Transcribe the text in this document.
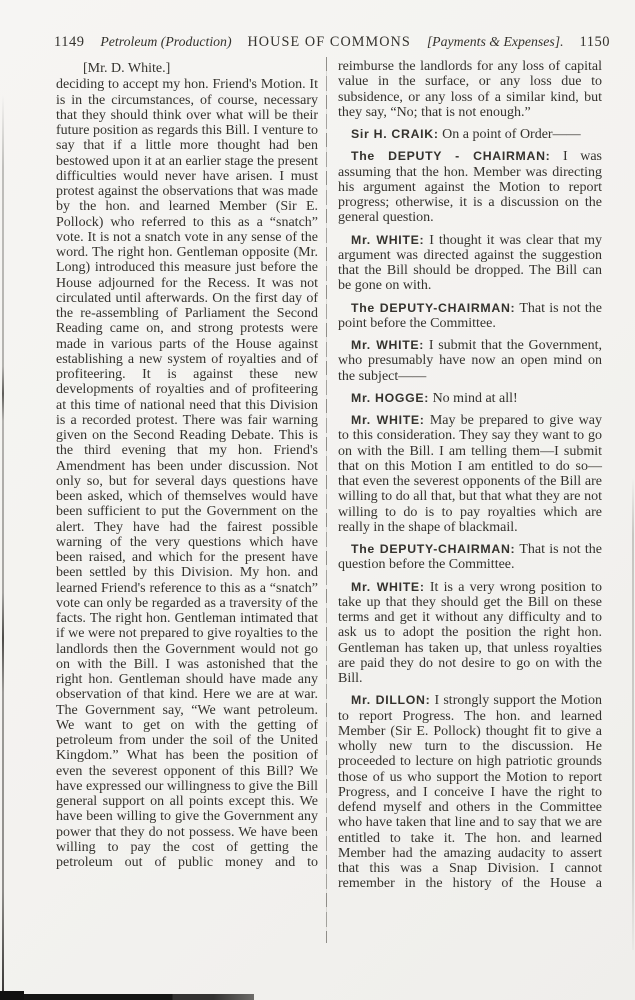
1149 Petroleum (Production) HOUSE OF COMMONS [Payments & Expenses]. 1150
[Mr. D. White.]

deciding to accept my hon. Friend's Motion. It is in the circumstances, of course, necessary that they should think over what will be their future position as regards this Bill. I venture to say that if a little more thought had ben bestowed upon it at an earlier stage the present difficulties would never have arisen. I must protest against the observations that was made by the hon. and learned Member (Sir E. Pollock) who referred to this as a “snatch” vote. It is not a snatch vote in any sense of the word. The right hon. Gentleman opposite (Mr. Long) introduced this measure just before the House adjourned for the Recess. It was not circulated until afterwards. On the first day of the re-assembling of Parliament the Second Reading came on, and strong protests were made in various parts of the House against establishing a new system of royalties and of profiteering. It is against these new developments of royalties and of profiteering at this time of national need that this Division is a recorded protest. There was fair warning given on the Second Reading Debate. This is the third evening that my hon. Friend's Amendment has been under discussion. Not only so, but for several days questions have been asked, which of themselves would have been sufficient to put the Government on the alert. They have had the fairest possible warning of the very questions which have been raised, and which for the present have been settled by this Division. My hon. and learned Friend's reference to this as a “snatch” vote can only be regarded as a traversity of the facts. The right hon. Gentleman intimated that if we were not prepared to give royalties to the landlords then the Government would not go on with the Bill. I was astonished that the right hon. Gentleman should have made any observation of that kind. Here we are at war. The Government say, “We want petroleum. We want to get on with the getting of petroleum from under the soil of the United Kingdom.” What has been the position of even the severest opponent of this Bill? We have expressed our willingness to give the Bill general support on all points except this. We have been willing to give the Government any power that they do not possess. We have been willing to pay the cost of getting the petroleum out of public money and to

reimburse the landlords for any loss of capital value in the surface, or any loss due to subsidence, or any loss of a similar kind, but they say, “No; that is not enough.”

Sir H. CRAIK: On a point of Order——

The DEPUTY - CHAIRMAN: I was assuming that the hon. Member was directing his argument against the Motion to report progress; otherwise, it is a discussion on the general question.

Mr. WHITE: I thought it was clear that my argument was directed against the suggestion that the Bill should be dropped. The Bill can be gone on with.

The DEPUTY-CHAIRMAN: That is not the point before the Committee.

Mr. WHITE: I submit that the Government, who presumably have now an open mind on the subject——

Mr. HOGGE: No mind at all!

Mr. WHITE: May be prepared to give way to this consideration. They say they want to go on with the Bill. I am telling them—I submit that on this Motion I am entitled to do so—that even the severest opponents of the Bill are willing to do all that, but that what they are not willing to do is to pay royalties which are really in the shape of blackmail.

The DEPUTY-CHAIRMAN: That is not the question before the Committee.

Mr. WHITE: It is a very wrong position to take up that they should get the Bill on these terms and get it without any difficulty and to ask us to adopt the position the right hon. Gentleman has taken up, that unless royalties are paid they do not desire to go on with the Bill.

Mr. DILLON: I strongly support the Motion to report Progress. The hon. and learned Member (Sir E. Pollock) thought fit to give a wholly new turn to the discussion. He proceeded to lecture on high patriotic grounds those of us who support the Motion to report Progress, and I conceive I have the right to defend myself and others in the Committee who have taken that line and to say that we are entitled to take it. The hon. and learned Member had the amazing audacity to assert that this was a Snap Division. I cannot remember in the history of the House a
